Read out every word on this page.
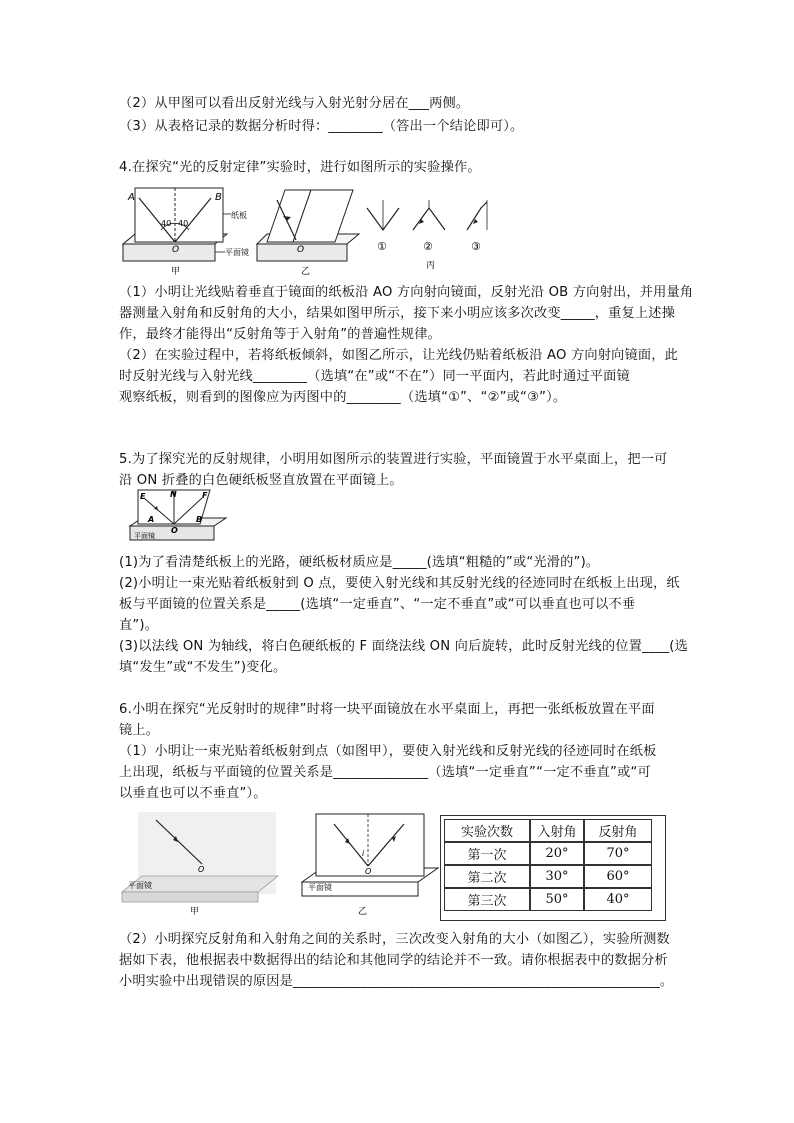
（2）从甲图可以看出反射光线与入射光射分居在___两侧。
（3）从表格记录的数据分析时得：________（答出一个结论即可）。
4.在探究“光的反射定律”实验时，进行如图所示的实验操作。
A	B
40 40
O
纸板
平面镜
甲
O
乙
①	②	③
丙
（1）小明让光线贴着垂直于镜面的纸板沿 AO 方向射向镜面，反射光沿 OB 方向射出，并用量角
器测量入射角和反射角的大小，结果如图甲所示，接下来小明应该多次改变_____，重复上述操
作，最终才能得出“反射角等于入射角”的普遍性规律。
（2）在实验过程中，若将纸板倾斜，如图乙所示，让光线仍贴着纸板沿 AO 方向射向镜面，此
时反射光线与入射光线________（选填“在”或“不在”）同一平面内，若此时通过平面镜
观察纸板，则看到的图像应为丙图中的________（选填“①”、“②”或“③”）。
5.为了探究光的反射规律，小明用如图所示的装置进行实验，平面镜置于水平桌面上，把一可
沿 ON 折叠的白色硬纸板竖直放置在平面镜上。
E	N	F
A	B
O
平面镜
(1)为了看清楚纸板上的光路，硬纸板材质应是_____(选填“粗糙的”或“光滑的”)。
(2)小明让一束光贴着纸板射到 O 点，要使入射光线和其反射光线的径迹同时在纸板上出现，纸
板与平面镜的位置关系是_____(选填“一定垂直”、“一定不垂直”或“可以垂直也可以不垂
直”)。
(3)以法线 ON 为轴线，将白色硬纸板的 F 面绕法线 ON 向后旋转，此时反射光线的位置____(选
填“发生”或“不发生”)变化。
6.小明在探究“光反射时的规律”时将一块平面镜放在水平桌面上，再把一张纸板放置在平面
镜上。
（1）小明让一束光贴着纸板射到点（如图甲），要使入射光线和反射光线的径迹同时在纸板
上出现，纸板与平面镜的位置关系是______________（选填“一定垂直”“一定不垂直”或“可
以垂直也可以不垂直”）。
O
平面镜
甲
i
O
平面镜
乙
实验次数	入射角	反射角
第一次	20°	70°
第二次	30°	60°
第三次	50°	40°
（2）小明探究反射角和入射角之间的关系时，三次改变入射角的大小（如图乙），实验所测数
据如下表，他根据表中数据得出的结论和其他同学的结论并不一致。请你根据表中的数据分析
小明实验中出现错误的原因是______________________________________________________。
